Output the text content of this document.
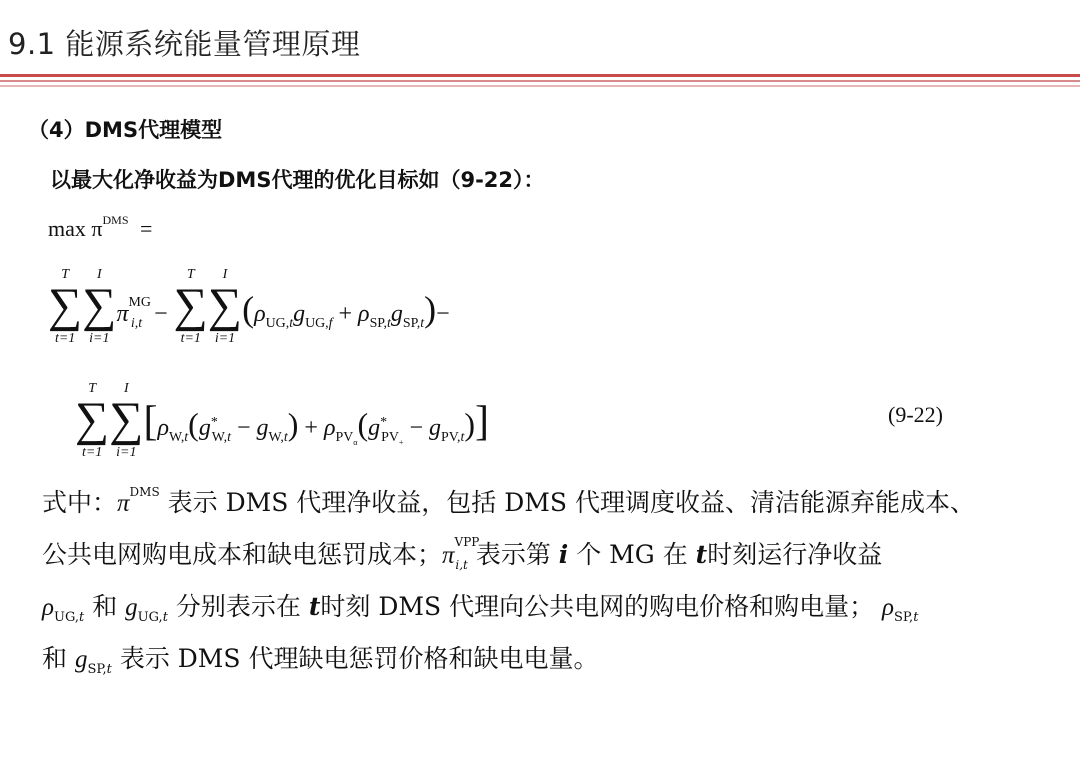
9.1 能源系统能量管理原理
（4）DMS代理模型
以最大化净收益为DMS代理的优化目标如（9-22）：
$\max \pi^{DMS}$ =
∑
T
t=1
∑
I
i=1
$\pi^{MG}_{i,t}$  − ∑
T
t=1
∑
I
i=1
$(\rho_{UG,t}g_{UG,f} + \rho_{SP,t}g_{SP,t})-$
∑
T
t=1
∑
I
i=1
$[\rho_{W,t}(g^*_{W,t} - g_{W,t}) + \rho_{PV_\alpha}(g^*_{PV_+} - g_{PV,t})]$	(9-22)
式中：$\pi^{DMS}$ 表示 DMS 代理净收益，包括 DMS 代理调度收益、清洁能源弃能成本、
公共电网购电成本和缺电惩罚成本；$\pi^{VPP}_{i,t}$ 表示第 i 个 MG 在 t时刻运行净收益
$\rho_{UG,t}$ 和 $g_{UG,t}$ 分别表示在 t时刻 DMS 代理向公共电网的购电价格和购电量； $\rho_{SP,t}$
和 $g_{SP,t}$ 表示 DMS 代理缺电惩罚价格和缺电电量。
